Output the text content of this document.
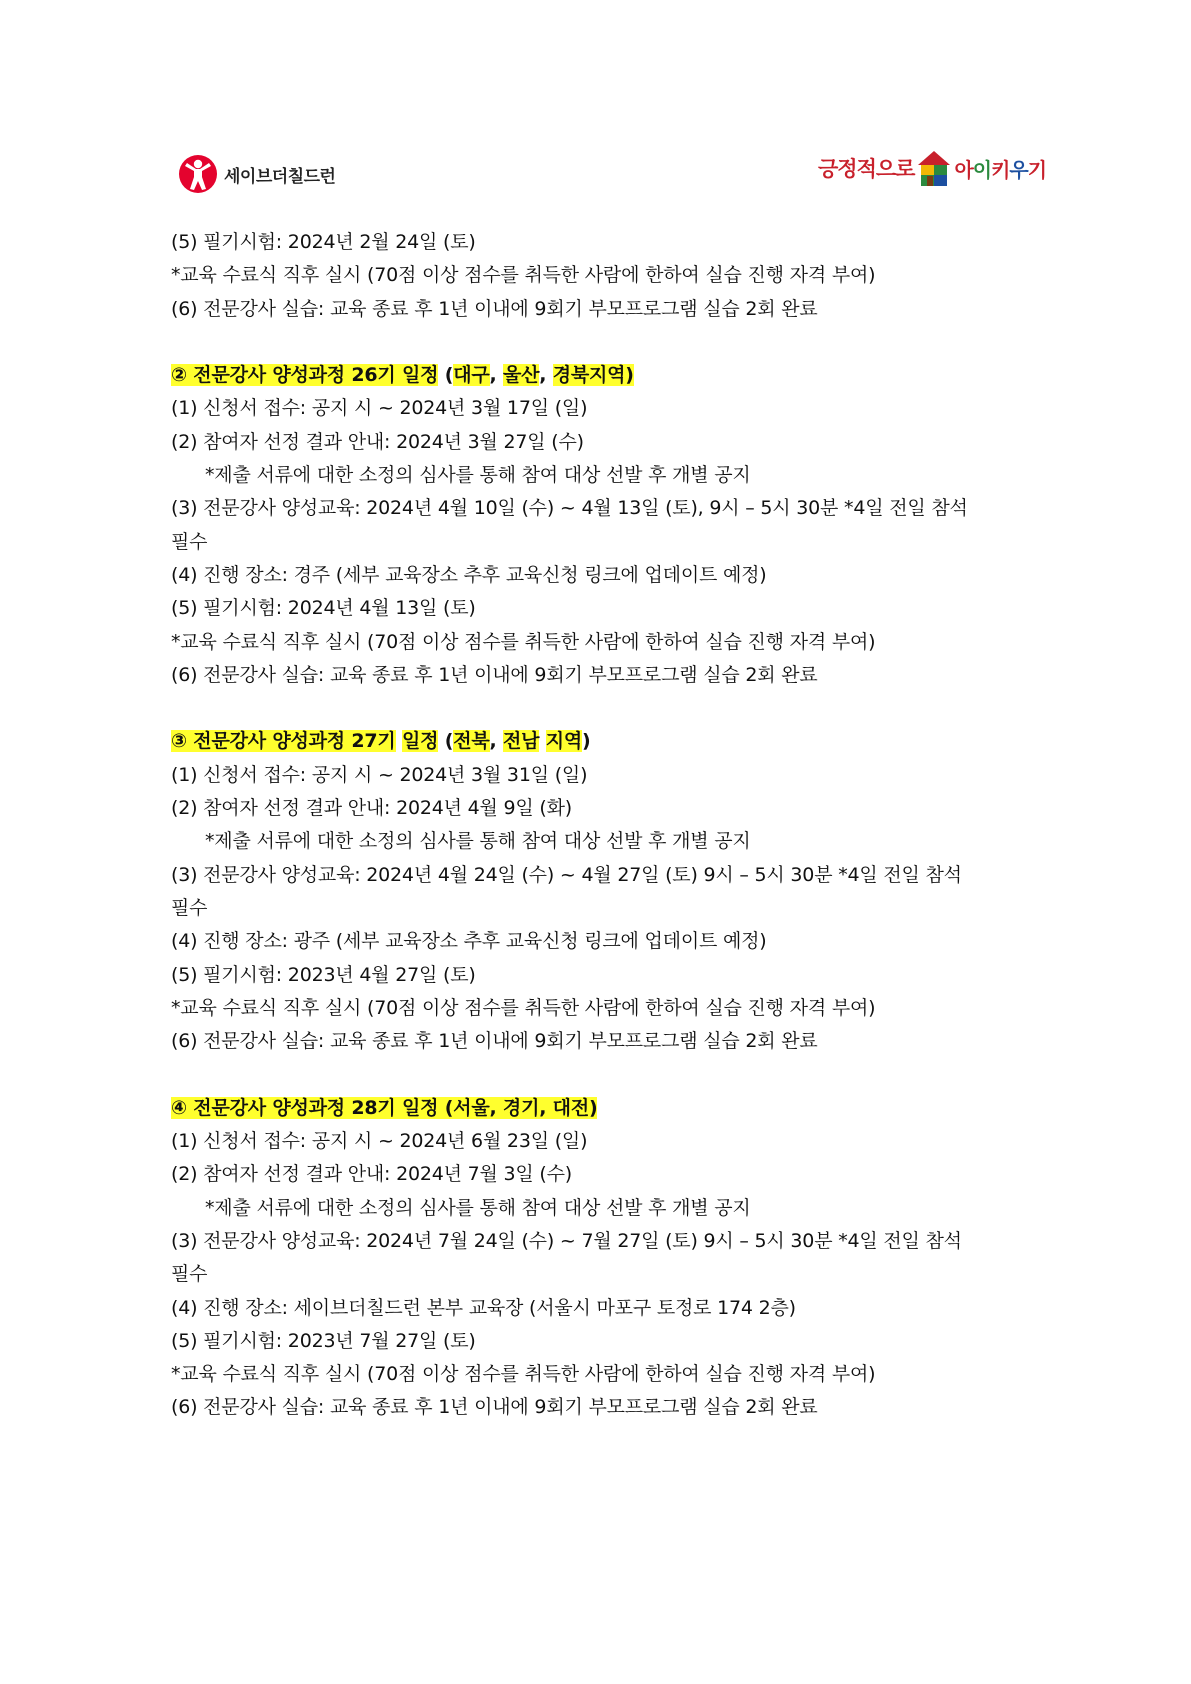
세이브더칠드런	긍정적으로 아이키우기
(5) 필기시험: 2024년 2월 24일 (토)
*교육 수료식 직후 실시 (70점 이상 점수를 취득한 사람에 한하여 실습 진행 자격 부여)
(6) 전문강사 실습: 교육 종료 후 1년 이내에 9회기 부모프로그램 실습 2회 완료
② 전문강사 양성과정 26기 일정 (대구, 울산, 경북지역)
(1) 신청서 접수: 공지 시 ~ 2024년 3월 17일 (일)
(2) 참여자 선정 결과 안내: 2024년 3월 27일 (수)
*제출 서류에 대한 소정의 심사를 통해 참여 대상 선발 후 개별 공지
(3) 전문강사 양성교육: 2024년 4월 10일 (수) ~ 4월 13일 (토), 9시 – 5시 30분 *4일 전일 참석
필수
(4) 진행 장소: 경주 (세부 교육장소 추후 교육신청 링크에 업데이트 예정)
(5) 필기시험: 2024년 4월 13일 (토)
*교육 수료식 직후 실시 (70점 이상 점수를 취득한 사람에 한하여 실습 진행 자격 부여)
(6) 전문강사 실습: 교육 종료 후 1년 이내에 9회기 부모프로그램 실습 2회 완료
③ 전문강사 양성과정 27기 일정 (전북, 전남 지역)
(1) 신청서 접수: 공지 시 ~ 2024년 3월 31일 (일)
(2) 참여자 선정 결과 안내: 2024년 4월 9일 (화)
*제출 서류에 대한 소정의 심사를 통해 참여 대상 선발 후 개별 공지
(3) 전문강사 양성교육: 2024년 4월 24일 (수) ~ 4월 27일 (토) 9시 – 5시 30분 *4일 전일 참석
필수
(4) 진행 장소: 광주 (세부 교육장소 추후 교육신청 링크에 업데이트 예정)
(5) 필기시험: 2023년 4월 27일 (토)
*교육 수료식 직후 실시 (70점 이상 점수를 취득한 사람에 한하여 실습 진행 자격 부여)
(6) 전문강사 실습: 교육 종료 후 1년 이내에 9회기 부모프로그램 실습 2회 완료
④ 전문강사 양성과정 28기 일정 (서울, 경기, 대전)
(1) 신청서 접수: 공지 시 ~ 2024년 6월 23일 (일)
(2) 참여자 선정 결과 안내: 2024년 7월 3일 (수)
*제출 서류에 대한 소정의 심사를 통해 참여 대상 선발 후 개별 공지
(3) 전문강사 양성교육: 2024년 7월 24일 (수) ~ 7월 27일 (토) 9시 – 5시 30분 *4일 전일 참석
필수
(4) 진행 장소: 세이브더칠드런 본부 교육장 (서울시 마포구 토정로 174 2층)
(5) 필기시험: 2023년 7월 27일 (토)
*교육 수료식 직후 실시 (70점 이상 점수를 취득한 사람에 한하여 실습 진행 자격 부여)
(6) 전문강사 실습: 교육 종료 후 1년 이내에 9회기 부모프로그램 실습 2회 완료
